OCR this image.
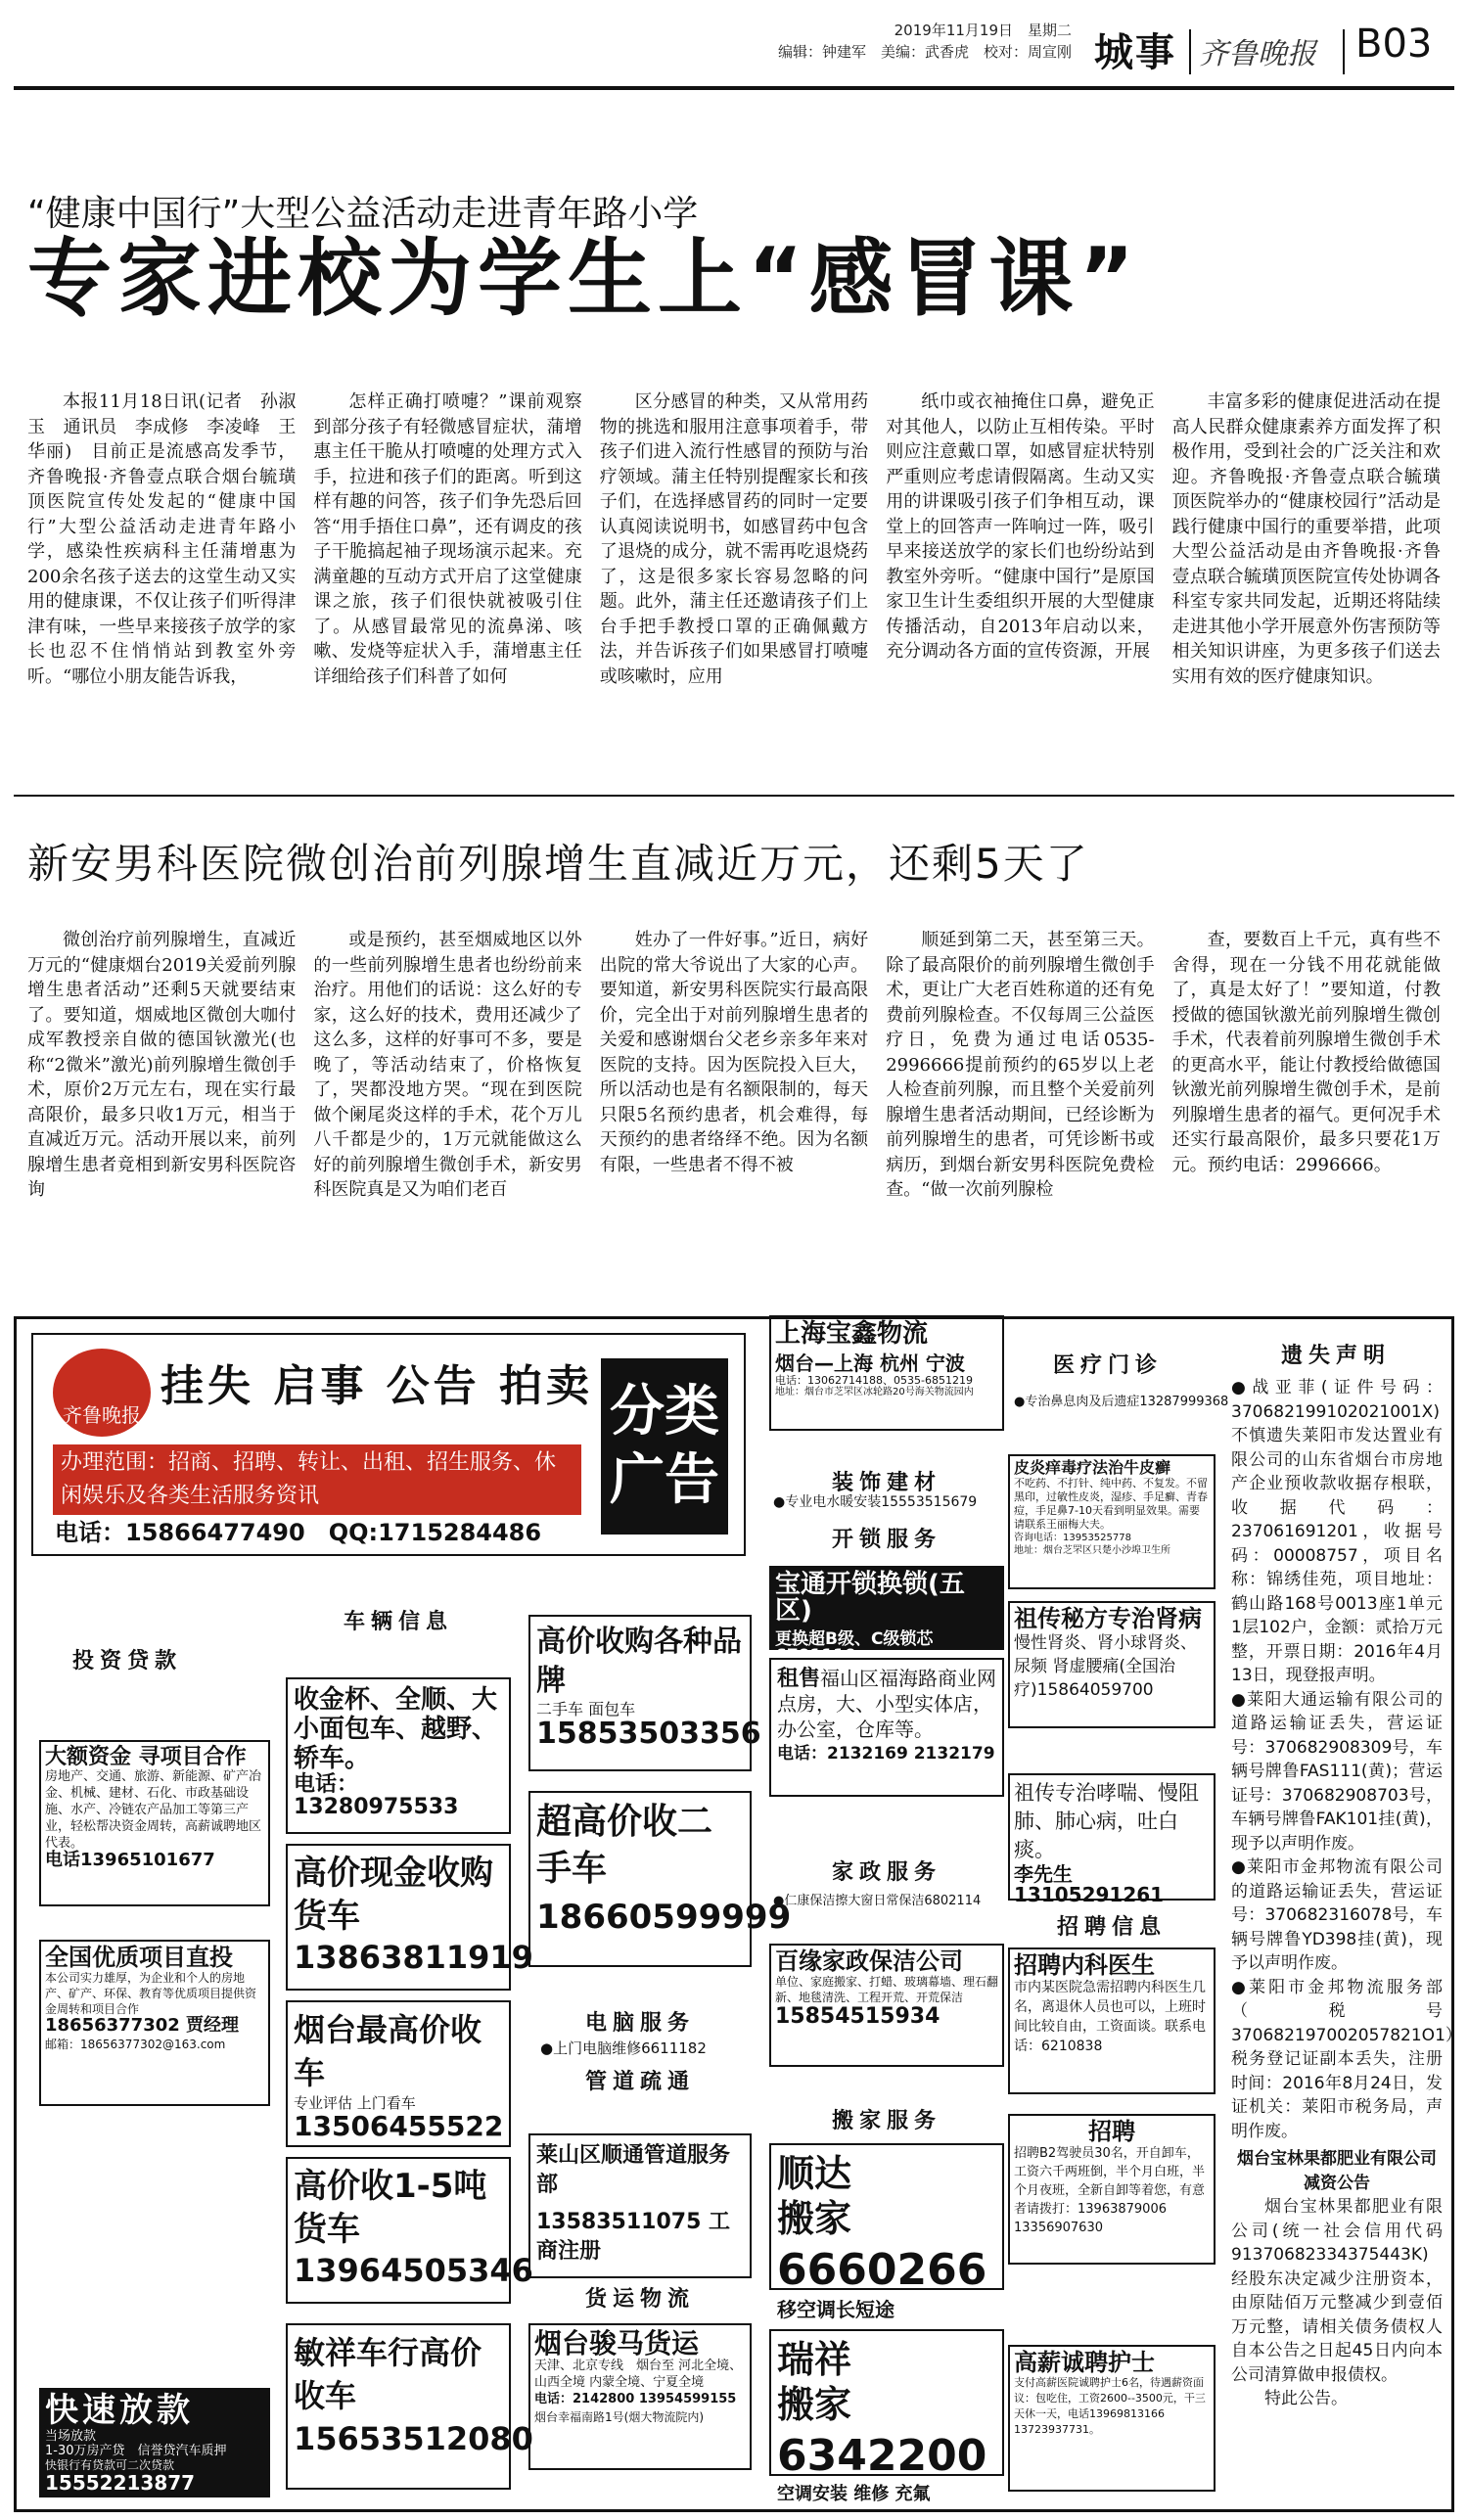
2019年11月19日　星期二
编辑：钟建军　美编：武香虎　校对：周宣刚 城事 齐鲁晚报 B03
“健康中国行”大型公益活动走进青年路小学
专家进校为学生上“感冒课”

本报11月18日讯(记者　孙淑玉　通讯员　李成修　李凌峰　王华丽)　目前正是流感高发季节，齐鲁晚报·齐鲁壹点联合烟台毓璜顶医院宣传处发起的“健康中国行”大型公益活动走进青年路小学，感染性疾病科主任蒲增惠为200余名孩子送去的这堂生动又实用的健康课，不仅让孩子们听得津津有味，一些早来接孩子放学的家长也忍不住悄悄站到教室外旁听。“哪位小朋友能告诉我，

怎样正确打喷嚏？”课前观察到部分孩子有轻微感冒症状，蒲增惠主任干脆从打喷嚏的处理方式入手，拉进和孩子们的距离。听到这样有趣的问答，孩子们争先恐后回答“用手捂住口鼻”，还有调皮的孩子干脆搞起袖子现场演示起来。充满童趣的互动方式开启了这堂健康课之旅，孩子们很快就被吸引住了。从感冒最常见的流鼻涕、咳嗽、发烧等症状入手，蒲增惠主任详细给孩子们科普了如何

区分感冒的种类，又从常用药物的挑选和服用注意事项着手，带孩子们进入流行性感冒的预防与治疗领域。蒲主任特别提醒家长和孩子们，在选择感冒药的同时一定要认真阅读说明书，如感冒药中包含了退烧的成分，就不需再吃退烧药了，这是很多家长容易忽略的问题。此外，蒲主任还邀请孩子们上台手把手教授口罩的正确佩戴方法，并告诉孩子们如果感冒打喷嚏或咳嗽时，应用

纸巾或衣袖掩住口鼻，避免正对其他人，以防止互相传染。平时则应注意戴口罩，如感冒症状特别严重则应考虑请假隔离。生动又实用的讲课吸引孩子们争相互动，课堂上的回答声一阵响过一阵，吸引早来接送放学的家长们也纷纷站到教室外旁听。“健康中国行”是原国家卫生计生委组织开展的大型健康传播活动，自2013年启动以来，充分调动各方面的宣传资源，开展

丰富多彩的健康促进活动在提高人民群众健康素养方面发挥了积极作用，受到社会的广泛关注和欢迎。齐鲁晚报·齐鲁壹点联合毓璜顶医院举办的“健康校园行”活动是践行健康中国行的重要举措，此项大型公益活动是由齐鲁晚报·齐鲁壹点联合毓璜顶医院宣传处协调各科室专家共同发起，近期还将陆续走进其他小学开展意外伤害预防等相关知识讲座，为更多孩子们送去实用有效的医疗健康知识。

新安男科医院微创治前列腺增生直减近万元，还剩5天了

微创治疗前列腺增生，直减近万元的“健康烟台2019关爱前列腺增生患者活动”还剩5天就要结束了。要知道，烟威地区微创大咖付成军教授亲自做的德国钬激光(也称“2微米”激光)前列腺增生微创手术，原价2万元左右，现在实行最高限价，最多只收1万元，相当于直减近万元。活动开展以来，前列腺增生患者竟相到新安男科医院咨询

或是预约，甚至烟威地区以外的一些前列腺增生患者也纷纷前来治疗。用他们的话说：这么好的专家，这么好的技术，费用还减少了这么多，这样的好事可不多，要是晚了，等活动结束了，价格恢复了，哭都没地方哭。“现在到医院做个阑尾炎这样的手术，花个万儿八千都是少的，1万元就能做这么好的前列腺增生微创手术，新安男科医院真是又为咱们老百

姓办了一件好事。”近日，病好出院的常大爷说出了大家的心声。要知道，新安男科医院实行最高限价，完全出于对前列腺增生患者的关爱和感谢烟台父老乡亲多年来对医院的支持。因为医院投入巨大，所以活动也是有名额限制的，每天只限5名预约患者，机会难得，每天预约的患者络绎不绝。因为名额有限，一些患者不得不被

顺延到第二天，甚至第三天。除了最高限价的前列腺增生微创手术，更让广大老百姓称道的还有免费前列腺检查。不仅每周三公益医疗日，免费为通过电话0535-2996666提前预约的65岁以上老人检查前列腺，而且整个关爱前列腺增生患者活动期间，已经诊断为前列腺增生的患者，可凭诊断书或病历，到烟台新安男科医院免费检查。“做一次前列腺检

查，要数百上千元，真有些不舍得，现在一分钱不用花就能做了，真是太好了！”要知道，付教授做的德国钬激光前列腺增生微创手术，代表着前列腺增生微创手术的更高水平，能让付教授给做德国钬激光前列腺增生微创手术，是前列腺增生患者的福气。更何况手术还实行最高限价，最多只要花1万元。预约电话：2996666。

齐鲁晚报
挂失 启事 公告 拍卖
办理范围：招商、招聘、转让、出租、招生服务、休闲娱乐及各类生活服务资讯
电话：15866477490　QQ:1715284486
分类广告
投资贷款
大额资金 寻项目合作
房地产、交通、旅游、新能源、矿产冶金、机械、建材、石化、市政基础设施、水产、冷链农产品加工等第三产业，轻松帮决资金周转，高薪诚聘地区代表。
电话13965101677
全国优质项目直投
本公司实力雄厚，为企业和个人的房地产、矿产、环保、教育等优质项目提供资金周转和项目合作
18656377302 贾经理
邮箱：18656377302@163.com
快速放款
当场放款
1-30万房产贷　信誉贷汽车质押
快银行有贷款可二次贷款
15552213877
车辆信息
收金杯、全顺、大小面包车、越野、轿车。
电话：13280975533
高价现金收购货车
13863811919
烟台最高价收车
专业评估 上门看车
13506455522
高价收1-5吨货车
13964505346
敏祥车行高价收车
15653512080
高价收购各种品牌
二手车 面包车
15853503356
超高价收二手车
18660599999
电脑服务
●上门电脑维修6611182
管道疏通
莱山区顺通管道服务部
13583511075 工商注册
货运物流
烟台骏马货运
天津、北京专线　烟台至 河北全境、山西全境 内蒙全境、宁夏全境
电话：2142800 13954599155
烟台幸福南路1号(烟大物流院内)
上海宝鑫物流
烟台—上海 杭州 宁波
电话：13062714188、0535-6851219
地址：烟台市芝罘区冰轮路20号海关物流园内
装饰建材
●专业电水暖安装15553515679
开锁服务
宝通开锁换锁(五区)
更换超B级、C级锁芯6701110
租售福山区福海路商业网点房，大、小型实体店，办公室，仓库等。
电话：2132169 2132179
家政服务
●仁康保洁擦大窗日常保洁6802114
百缘家政保洁公司
单位、家庭搬家、打蜡、玻璃幕墙、理石翻新、地毯清洗、工程开荒、开荒保洁
15854515934
搬家服务
顺达搬家
6660266
移空调长短途
瑞祥搬家
6342200
空调安装 维修 充氟
医疗门诊
●专治鼻息肉及后遗症13287999368
皮炎痒毒疗法治牛皮癣
不吃药、不打针、纯中药、不复发。不留黑印，过敏性皮炎，湿疹、手足癣、青春痘，手足鼻7-10天看到明显效果。需要请联系王丽梅大夫。
咨询电话：13953525778
地址：烟台芝罘区只楚小沙埠卫生所
祖传秘方专治肾病
慢性肾炎、肾小球肾炎、尿频 肾虚腰痛(全国治疗)15864059700
祖传专治哮喘、慢阻肺、肺心病，吐白痰。
李先生13105291261
招聘信息
招聘内科医生
市内某医院急需招聘内科医生几名，离退休人员也可以，上班时间比较自由，工资面谈。联系电话：6210838
招聘
招聘B2驾驶员30名，开自卸车，工资六千两班倒，半个月白班，半个月夜班，全新自卸等着您，有意者请拨打：13963879006 13356907630
高薪诚聘护士
支付高薪医院诚聘护士6名，待遇薪资面议：包吃住，工资2600--3500元，干三天休一天，电话13969813166 13723937731。
遗失声明

●战亚菲(证件号码：370682199102021001X)不慎遗失莱阳市发达置业有限公司的山东省烟台市房地产企业预收款收据存根联，收据代码：237061691201，收据号码：00008757，项目名称：锦绣佳苑，项目地址：鹤山路168号0013座1单元1层102户，金额：贰拾万元整，开票日期：2016年4月13日，现登报声明。

●莱阳大通运输有限公司的道路运输证丢失，营运证号：370682908309号，车辆号牌鲁FAS111(黄)；营运证号：370682908703号，车辆号牌鲁FAK101挂(黄)，现予以声明作废。

●莱阳市金邦物流有限公司的道路运输证丢失，营运证号：370682316078号，车辆号牌鲁YD398挂(黄)，现予以声明作废。

●莱阳市金邦物流服务部（税号370682197002057821O1）税务登记证副本丢失，注册时间：2016年8月24日，发证机关：莱阳市税务局，声明作废。

烟台宝林果都肥业有限公司减资公告

烟台宝林果都肥业有限公司(统一社会信用代码913706823343754​43K)经股东决定减少注册资本，由原陆佰万元整减少到壹佰万元整，请相关债务债权人自本公告之日起45日内向本公司清算做申报债权。

特此公告。
